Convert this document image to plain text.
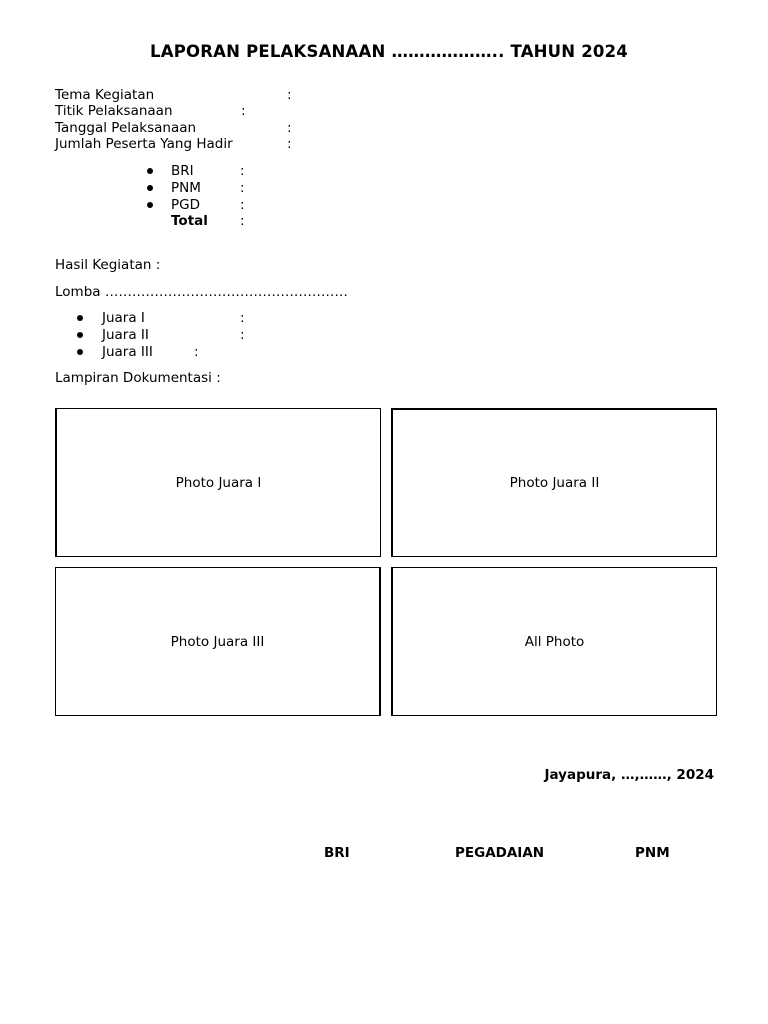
LAPORAN PELAKSANAAN ……………….. TAHUN 2024
Tema Kegiatan	:
Titik Pelaksanaan	:
Tanggal Pelaksanaan	:
Jumlah Peserta Yang Hadir	:
BRI	:
PNM	:
PGD	:
Total :
Hasil Kegiatan :
Lomba ………………………………………………
Juara I	:
Juara II	:
Juara III	:
Lampiran Dokumentasi :
Photo Juara I	Photo Juara II
Photo Juara III	All Photo
Jayapura, …,……, 2024
BRI	PEGADAIAN	PNM
